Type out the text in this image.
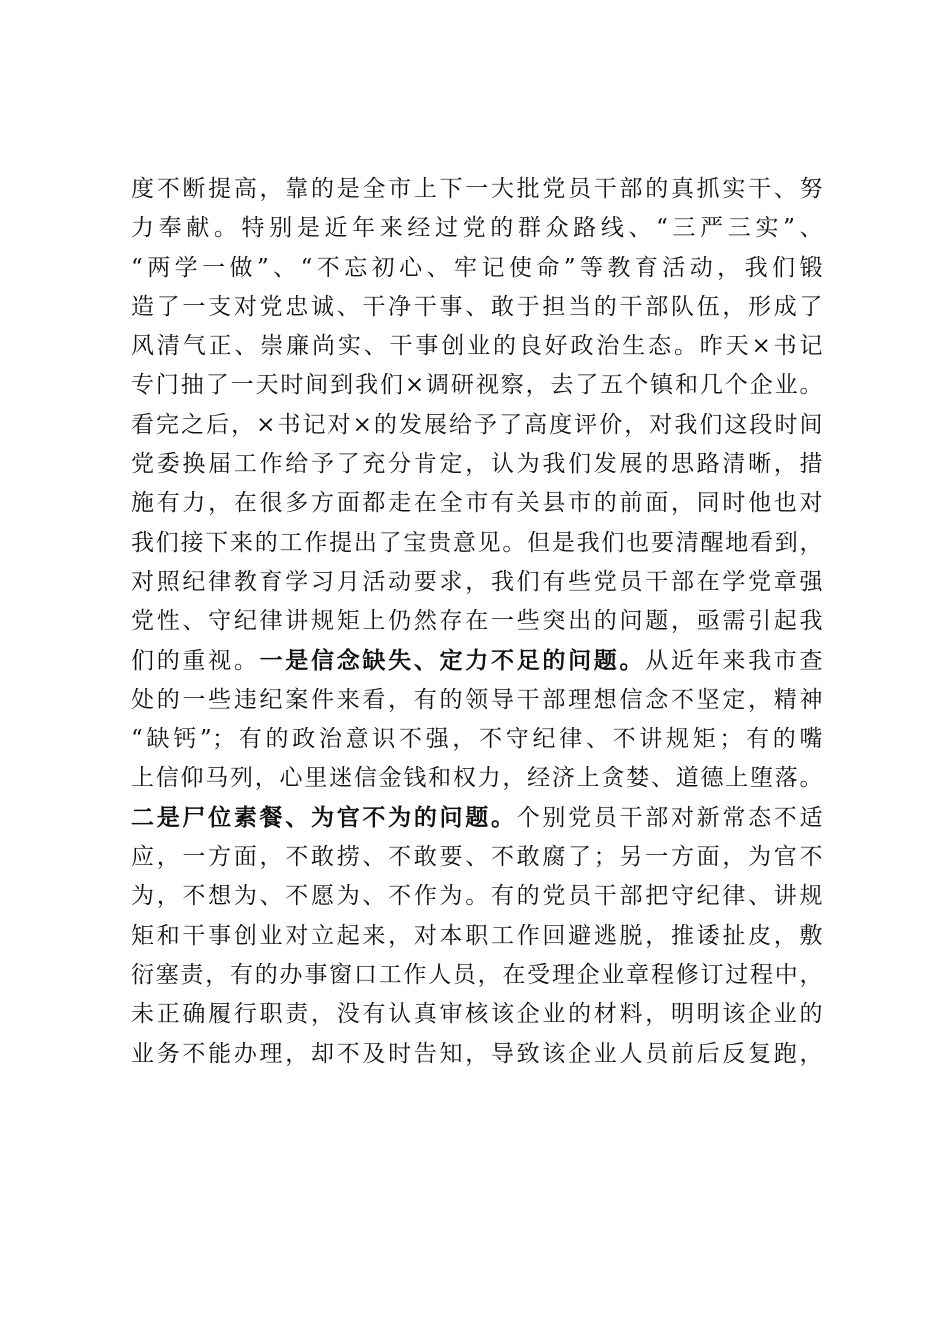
度不断提高，靠的是全市上下一大批党员干部的真抓实干、努
力奉献。特别是近年来经过党的群众路线、“三严三实”、
“两学一做”、“不忘初心、牢记使命”等教育活动，我们锻
造了一支对党忠诚、干净干事、敢于担当的干部队伍，形成了
风清气正、崇廉尚实、干事创业的良好政治生态。昨天×书记
专门抽了一天时间到我们×调研视察，去了五个镇和几个企业。
看完之后，×书记对×的发展给予了高度评价，对我们这段时间
党委换届工作给予了充分肯定，认为我们发展的思路清晰，措
施有力，在很多方面都走在全市有关县市的前面，同时他也对
我们接下来的工作提出了宝贵意见。但是我们也要清醒地看到，
对照纪律教育学习月活动要求，我们有些党员干部在学党章强
党性、守纪律讲规矩上仍然存在一些突出的问题，亟需引起我
们的重视。一是信念缺失、定力不足的问题。从近年来我市查
处的一些违纪案件来看，有的领导干部理想信念不坚定，精神
“缺钙”；有的政治意识不强，不守纪律、不讲规矩；有的嘴
上信仰马列，心里迷信金钱和权力，经济上贪婪、道德上堕落。
二是尸位素餐、为官不为的问题。个别党员干部对新常态不适
应，一方面，不敢捞、不敢要、不敢腐了；另一方面，为官不
为，不想为、不愿为、不作为。有的党员干部把守纪律、讲规
矩和干事创业对立起来，对本职工作回避逃脱，推诿扯皮，敷
衍塞责，有的办事窗口工作人员，在受理企业章程修订过程中，
未正确履行职责，没有认真审核该企业的材料，明明该企业的
业务不能办理，却不及时告知，导致该企业人员前后反复跑，
